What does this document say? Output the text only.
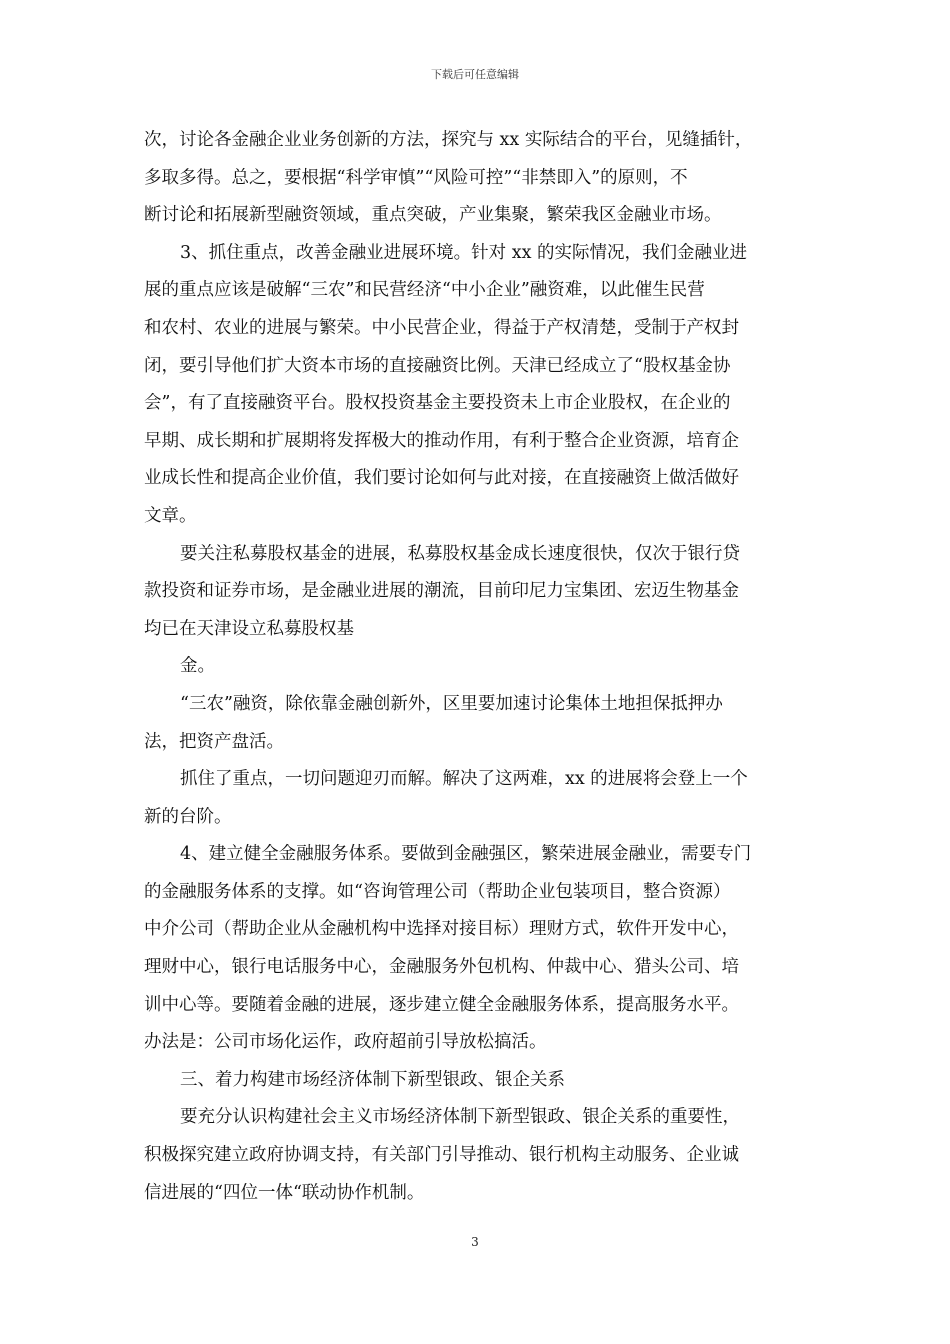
下载后可任意编辑
次，讨论各金融企业业务创新的方法，探究与 xx 实际结合的平台，见缝插针，
多取多得。总之，要根据“科学审慎”“风险可控”“非禁即入”的原则，不
断讨论和拓展新型融资领域，重点突破，产业集聚，繁荣我区金融业市场。
3、抓住重点，改善金融业进展环境。针对 xx 的实际情况，我们金融业进
展的重点应该是破解“三农”和民营经济“中小企业”融资难，以此催生民营
和农村、农业的进展与繁荣。中小民营企业，得益于产权清楚，受制于产权封
闭，要引导他们扩大资本市场的直接融资比例。天津已经成立了“股权基金协
会”，有了直接融资平台。股权投资基金主要投资未上市企业股权，在企业的
早期、成长期和扩展期将发挥极大的推动作用，有利于整合企业资源，培育企
业成长性和提高企业价值，我们要讨论如何与此对接，在直接融资上做活做好
文章。
要关注私募股权基金的进展，私募股权基金成长速度很快，仅次于银行贷
款投资和证券市场，是金融业进展的潮流，目前印尼力宝集团、宏迈生物基金
均已在天津设立私募股权基
金。
“三农”融资，除依靠金融创新外，区里要加速讨论集体土地担保抵押办
法，把资产盘活。
抓住了重点，一切问题迎刃而解。解决了这两难，xx 的进展将会登上一个
新的台阶。
4、建立健全金融服务体系。要做到金融强区，繁荣进展金融业，需要专门
的金融服务体系的支撑。如“咨询管理公司（帮助企业包装项目，整合资源）
中介公司（帮助企业从金融机构中选择对接目标）理财方式，软件开发中心，
理财中心，银行电话服务中心，金融服务外包机构、仲裁中心、猎头公司、培
训中心等。要随着金融的进展，逐步建立健全金融服务体系，提高服务水平。
办法是：公司市场化运作，政府超前引导放松搞活。
三、着力构建市场经济体制下新型银政、银企关系
要充分认识构建社会主义市场经济体制下新型银政、银企关系的重要性，
积极探究建立政府协调支持，有关部门引导推动、银行机构主动服务、企业诚
信进展的“四位一体“联动协作机制。
3
